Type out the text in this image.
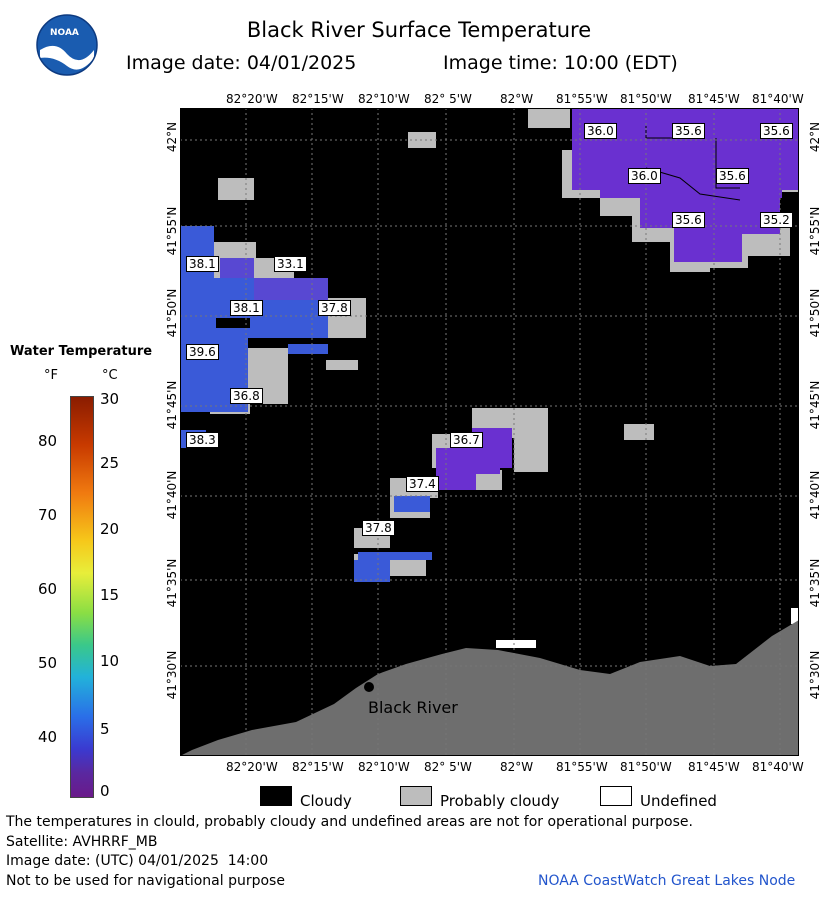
NOAA	Black River Surface Temperature
Image date: 04/01/2025	Image time: 10:00 (EDT)
82°20'W 82°15'W 82°10'W 82° 5'W 82°W 81°55'W 81°50'W 81°45'W 81°40'W
82°20'W 82°15'W 82°10'W 82° 5'W 82°W 81°55'W 81°50'W 81°45'W 81°40'W
42°N
41°55'N
41°50'N
41°45'N
41°40'N
41°35'N
41°30'N
42°N
41°55'N
41°50'N
41°45'N
41°40'N
41°35'N
41°30'N
36.0	35.6	35.6
36.0	35.6
35.6	35.2
38.1	33.1
38.1	37.8
39.6
36.8
38.3	36.7
37.4
37.8
Black River
Water Temperature
°F	°C
80
70
60
50
40
30
25
20
15
10
5
0
Cloudy	Probably cloudy	Undefined
The temperatures in clould, probably cloudy and undefined areas are not for operational purpose.
Satellite: AVHRRF_MB
Image date: (UTC) 04/01/2025  14:00
Not to be used for navigational purpose	NOAA CoastWatch Great Lakes Node
